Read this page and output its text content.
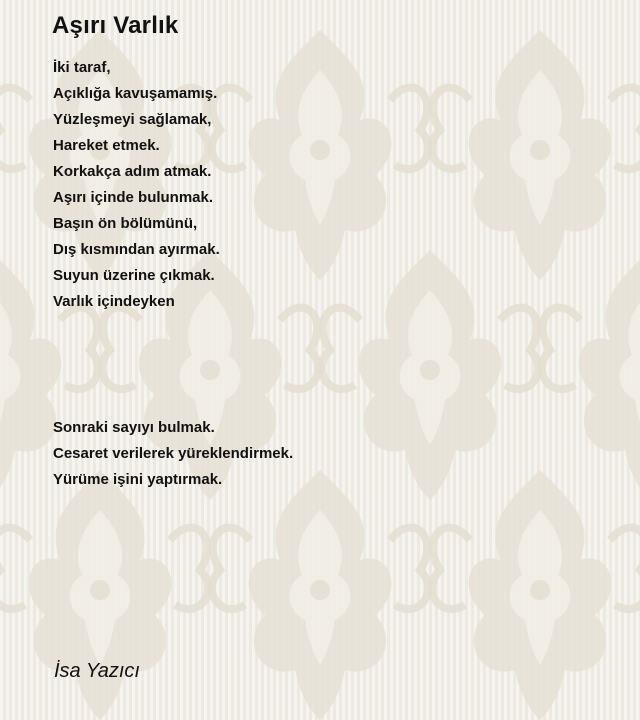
Aşırı Varlık
İki taraf,
Açıklığa kavuşamamış.
Yüzleşmeyi sağlamak,
Hareket etmek.
Korkakça adım atmak.
Aşırı içinde bulunmak.
Başın ön bölümünü,
Dış kısmından ayırmak.
Suyun üzerine çıkmak.
Varlık içindeyken
Sonraki sayıyı bulmak.
Cesaret verilerek yüreklendirmek.
Yürüme işini yaptırmak.

İsa Yazıcı
